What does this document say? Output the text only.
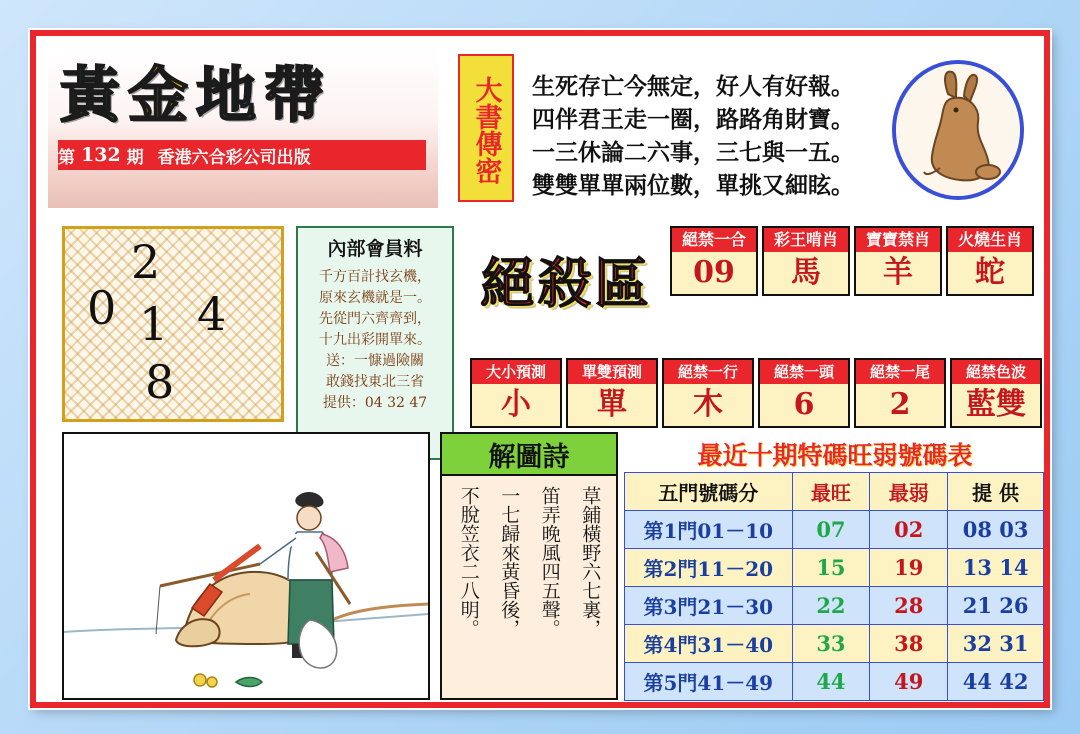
黃 金 地 帶
第 132 期 香港六合彩公司出版	大書傳密	生死存亡今無定，好人有好報。
四伴君王走一圈，路路角財寶。
一三休論二六事，三七與一五。
雙雙單單兩位數，單挑又細眩。
2
0 1 4
8
內部會員料
千方百計找玄機，
原來玄機就是一。
先從門六齊齊到，
十九出彩開單來。
送：一慷過險關
敢錢找東北三省
提供：04 32 47
絕殺區
絕禁一合
09
彩王啃肖
馬
寶寶禁肖
羊
火燒生肖
蛇
大小預測
小
單雙預測
單
絕禁一行
木
絕禁一頭
6
絕禁一尾
2
絕禁色波
藍雙
解圖詩
草鋪橫野六七裏，
笛弄晚風四五聲。
一七歸來黃昏後，
不脫笠衣二八明。
最近十期特碼旺弱號碼表
五門號碼分	最旺	最弱	提 供
第1門01－10	07	02	08 03
第2門11－20	15	19	13 14
第3門21－30	22	28	21 26
第4門31－40	33	38	32 31
第5門41－49	44	49	44 42
